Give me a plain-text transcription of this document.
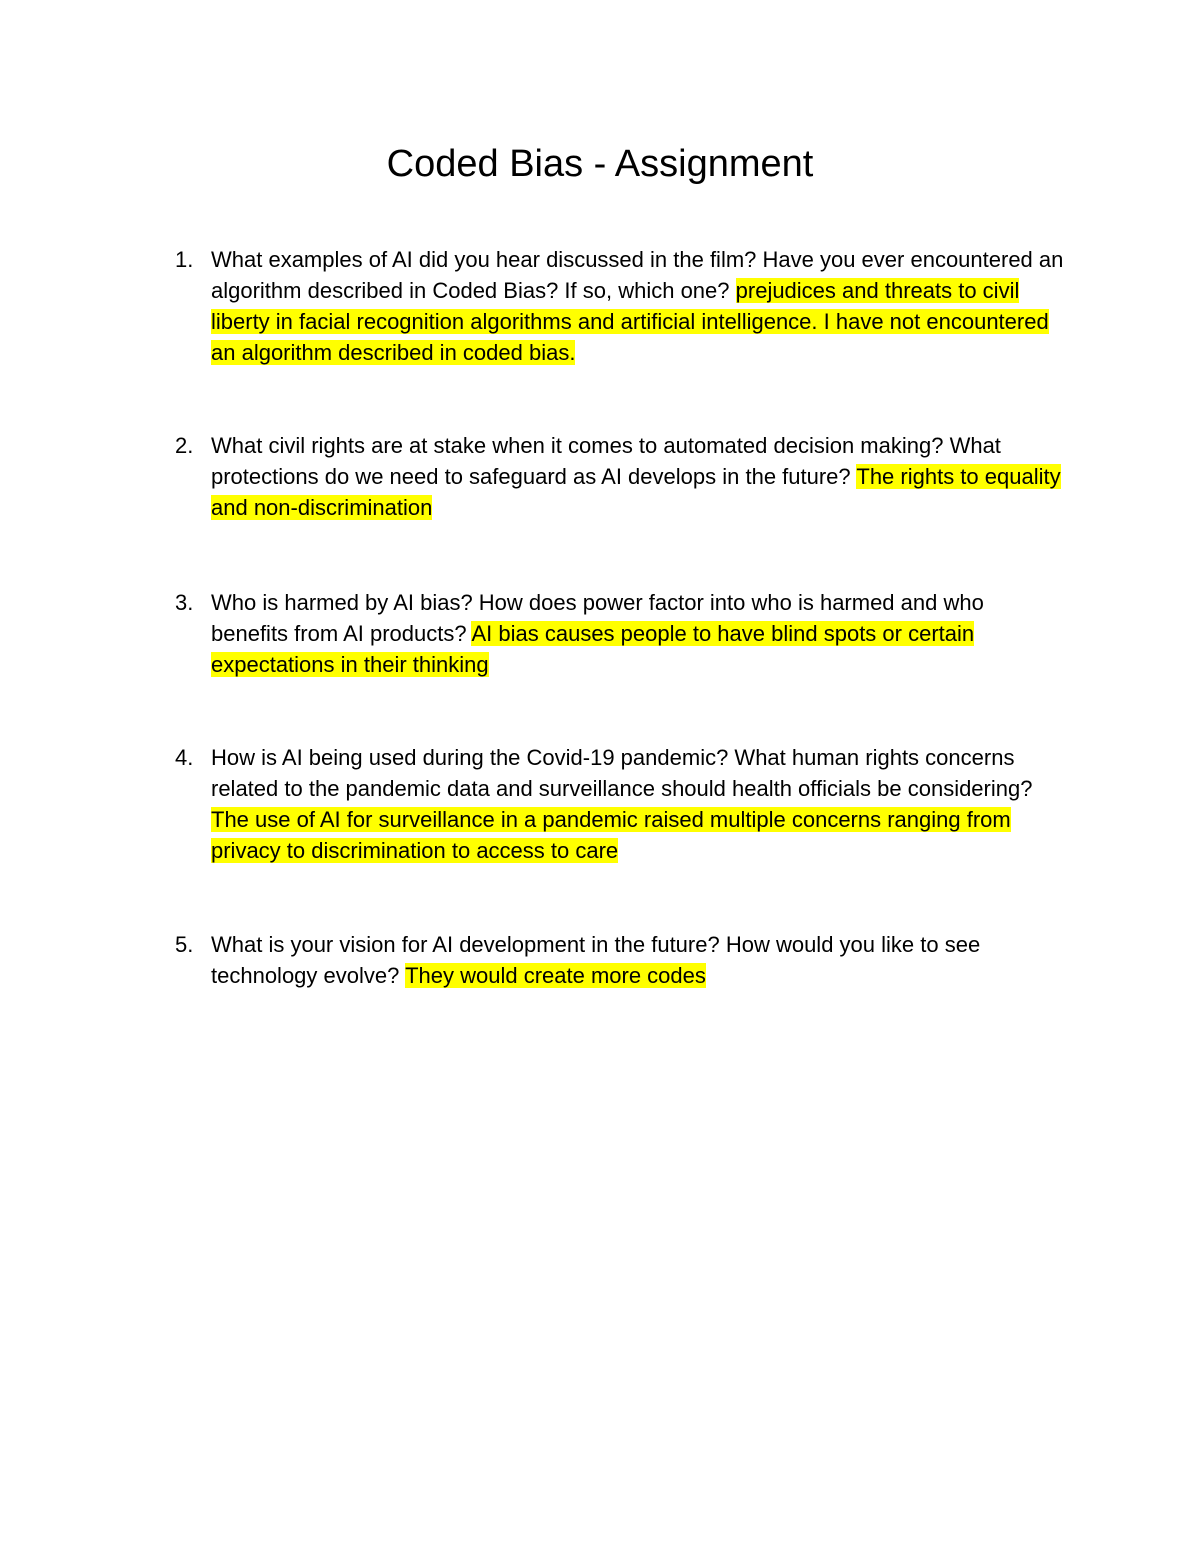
Coded Bias - Assignment
1. What examples of AI did you hear discussed in the film? Have you ever encountered an algorithm described in Coded Bias? If so, which one? prejudices and threats to civil liberty in facial recognition algorithms and artificial intelligence. I have not encountered an algorithm described in coded bias.

2. What civil rights are at stake when it comes to automated decision making? What protections do we need to safeguard as AI develops in the future? The rights to equality and non-discrimination

3. Who is harmed by AI bias? How does power factor into who is harmed and who benefits from AI products? AI bias causes people to have blind spots or certain expectations in their thinking

4. How is AI being used during the Covid-19 pandemic? What human rights concerns related to the pandemic data and surveillance should health officials be considering? The use of AI for surveillance in a pandemic raised multiple concerns ranging from privacy to discrimination to access to care

5. What is your vision for AI development in the future? How would you like to see technology evolve? They would create more codes
